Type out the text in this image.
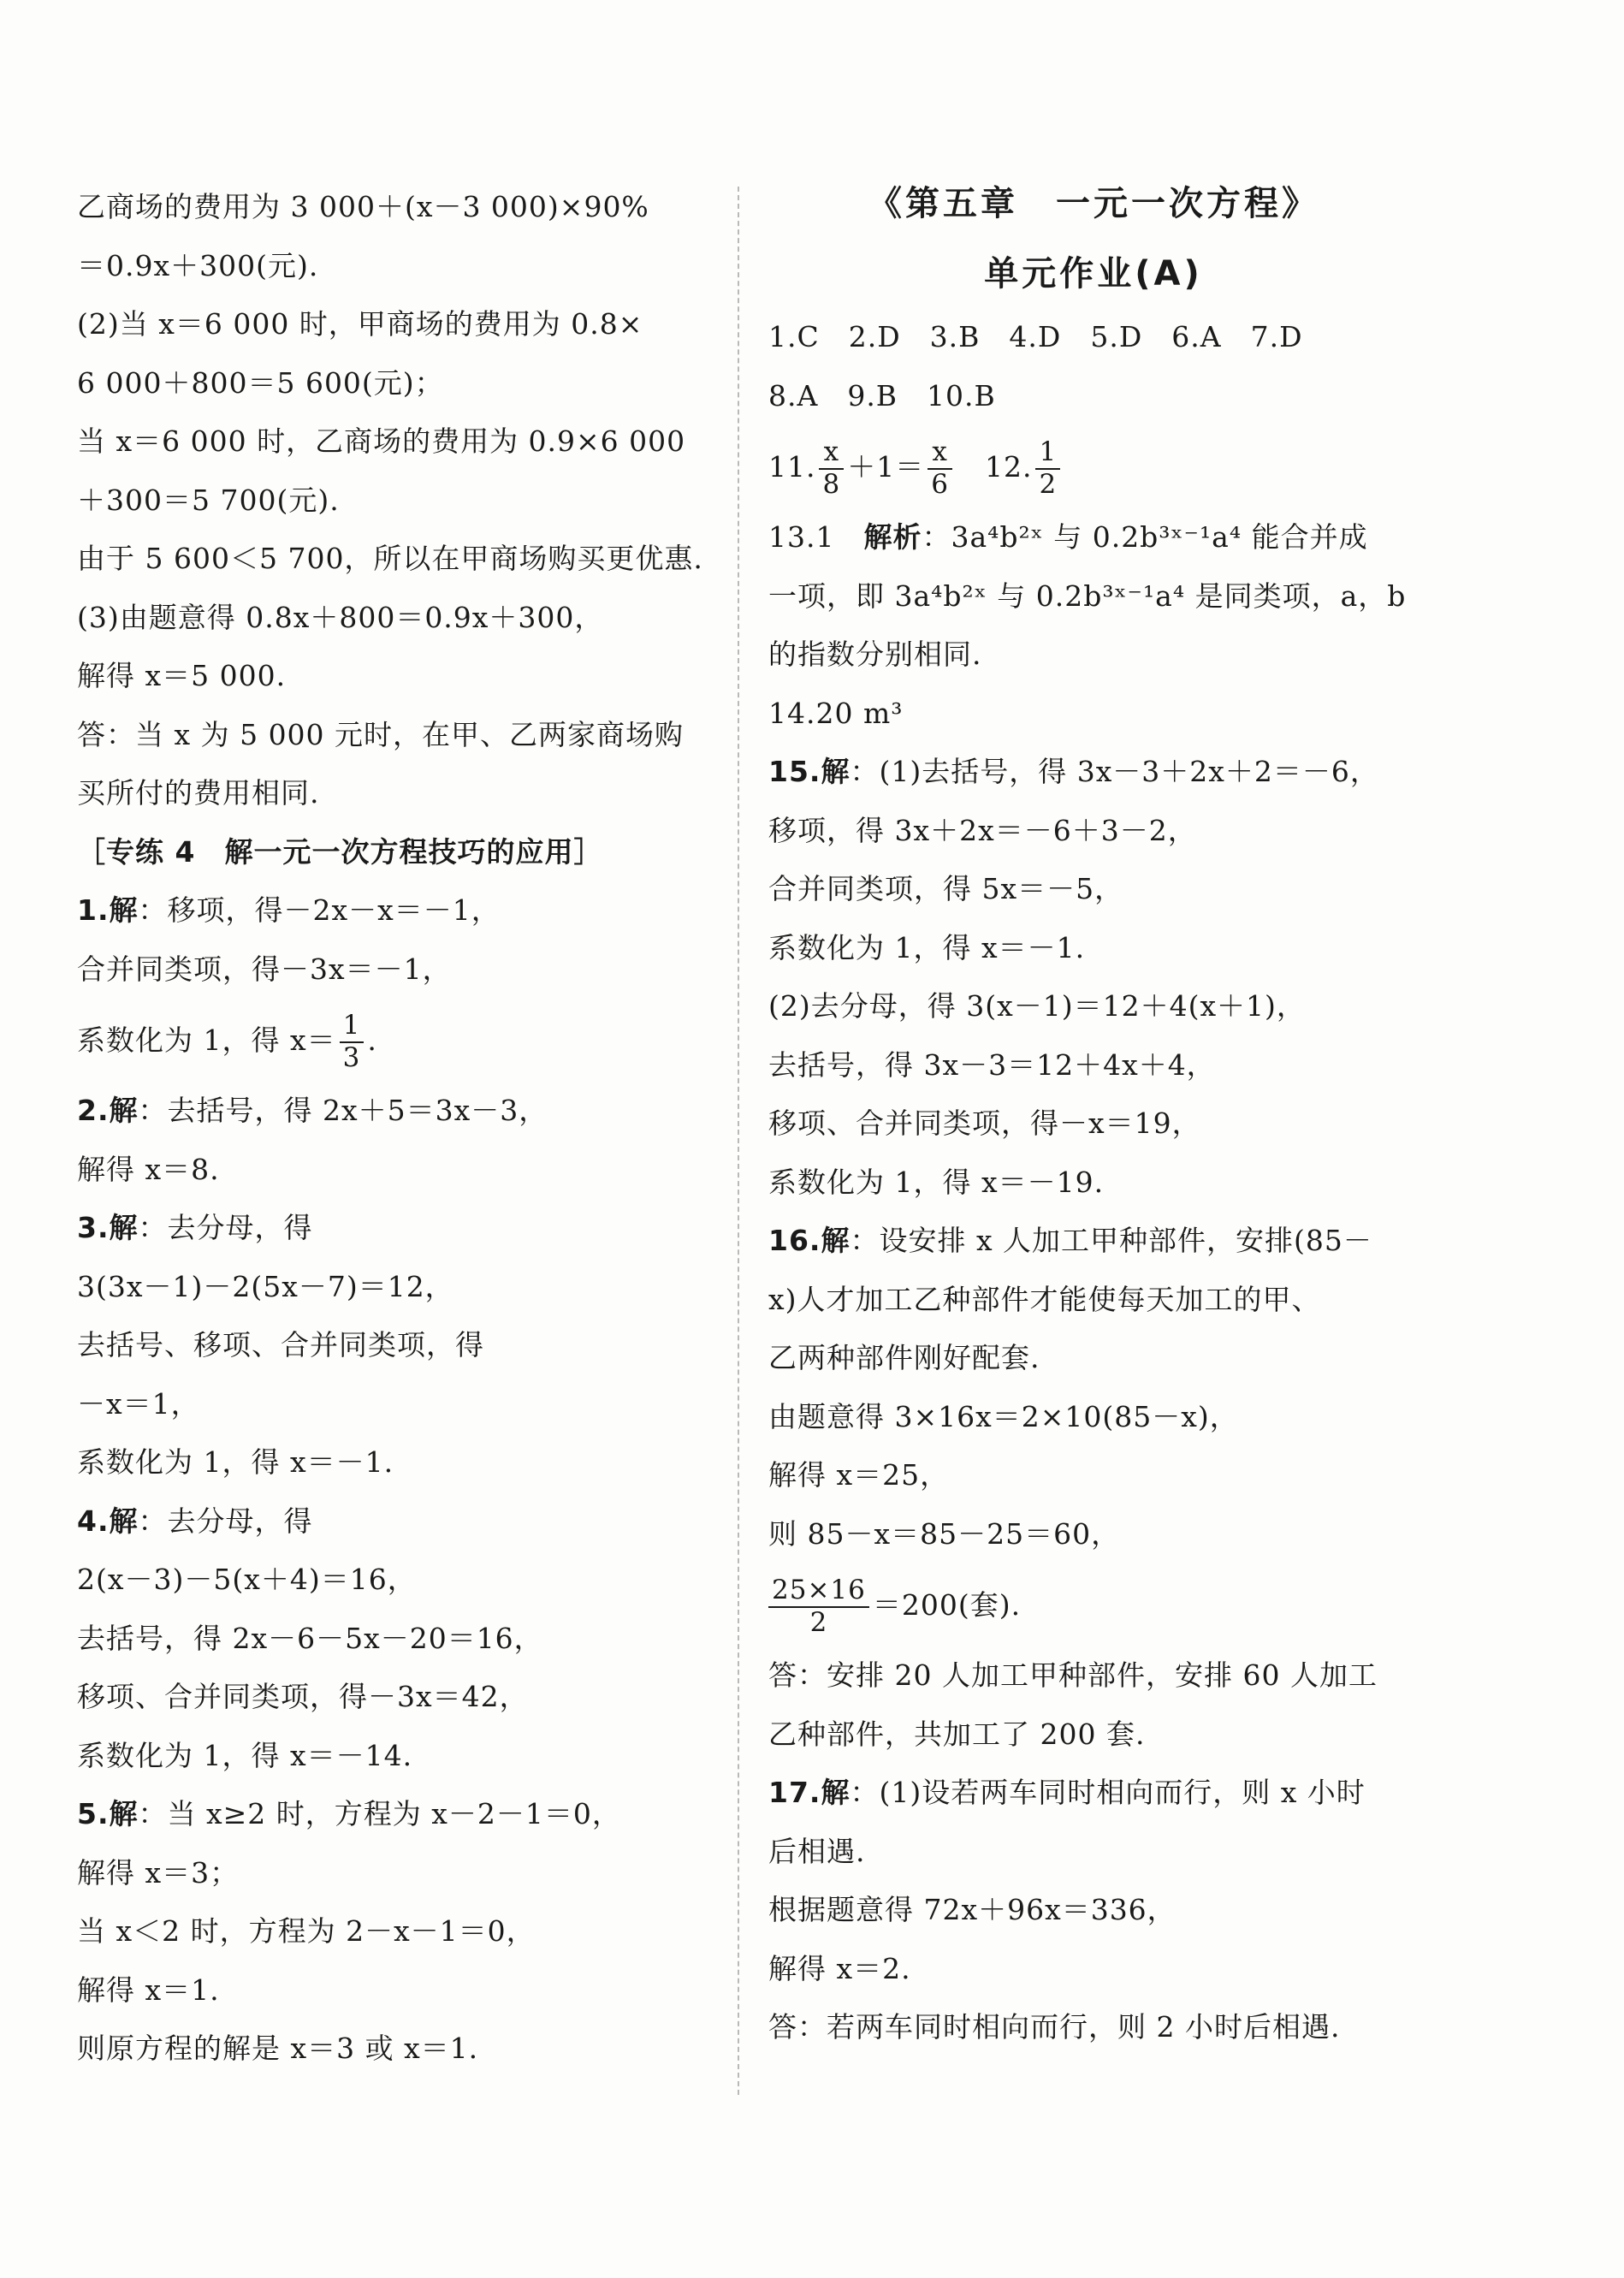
乙商场的费用为 3 000＋(x－3 000)×90%
＝0.9x＋300(元).
(2)当 x＝6 000 时，甲商场的费用为 0.8×
6 000＋800＝5 600(元)；
当 x＝6 000 时，乙商场的费用为 0.9×6 000
＋300＝5 700(元).
由于 5 600＜5 700，所以在甲商场购买更优惠.
(3)由题意得 0.8x＋800＝0.9x＋300，
解得 x＝5 000.
答：当 x 为 5 000 元时，在甲、乙两家商场购
买所付的费用相同.
［专练 4　解一元一次方程技巧的应用］
1.解：移项，得－2x－x＝－1，
合并同类项，得－3x＝－1，
系数化为 1，得 $x= \frac{1}{3}$ .
2.解：去括号，得 2x＋5＝3x－3，
解得 x＝8.
3.解：去分母，得
3(3x－1)－2(5x－7)＝12，
去括号、移项、合并同类项，得
－x＝1，
系数化为 1，得 x＝－1.
4.解：去分母，得
2(x－3)－5(x＋4)＝16，
去括号，得 2x－6－5x－20＝16，
移项、合并同类项，得－3x＝42，
系数化为 1，得 x＝－14.
5.解：当 x≥2 时，方程为 x－2－1＝0，
解得 x＝3；
当 x＜2 时，方程为 2－x－1＝0，
解得 x＝1.
则原方程的解是 x＝3 或 x＝1.
《第五章　一元一次方程》
单元作业(A)
1.C　2.D　3.B　4.D　5.D　6.A　7.D
8.A　9.B　10.B
11. $\frac{x}{8} +1= \frac{x}{6}$ 　12. $\frac{1}{2}$
13.1　解析：3a⁴b²ˣ 与 0.2b³ˣ⁻¹a⁴ 能合并成
一项，即 3a⁴b²ˣ 与 0.2b³ˣ⁻¹a⁴ 是同类项，a，b
的指数分别相同.
14.20 m³
15.解：(1)去括号，得 3x－3＋2x＋2＝－6，
移项，得 3x＋2x＝－6＋3－2，
合并同类项，得 5x＝－5，
系数化为 1，得 x＝－1.
(2)去分母，得 3(x－1)＝12＋4(x＋1)，
去括号，得 3x－3＝12＋4x＋4，
移项、合并同类项，得－x＝19，
系数化为 1，得 x＝－19.
16.解：设安排 x 人加工甲种部件，安排(85－
x)人才加工乙种部件才能使每天加工的甲、
乙两种部件刚好配套.
由题意得 3×16x＝2×10(85－x)，
解得 x＝25，
则 85－x＝85－25＝60，
$\frac{25\times 16}{2} =200$(套).
答：安排 20 人加工甲种部件，安排 60 人加工
乙种部件，共加工了 200 套.
17.解：(1)设若两车同时相向而行，则 x 小时
后相遇.
根据题意得 72x＋96x＝336，
解得 x＝2.
答：若两车同时相向而行，则 2 小时后相遇.
